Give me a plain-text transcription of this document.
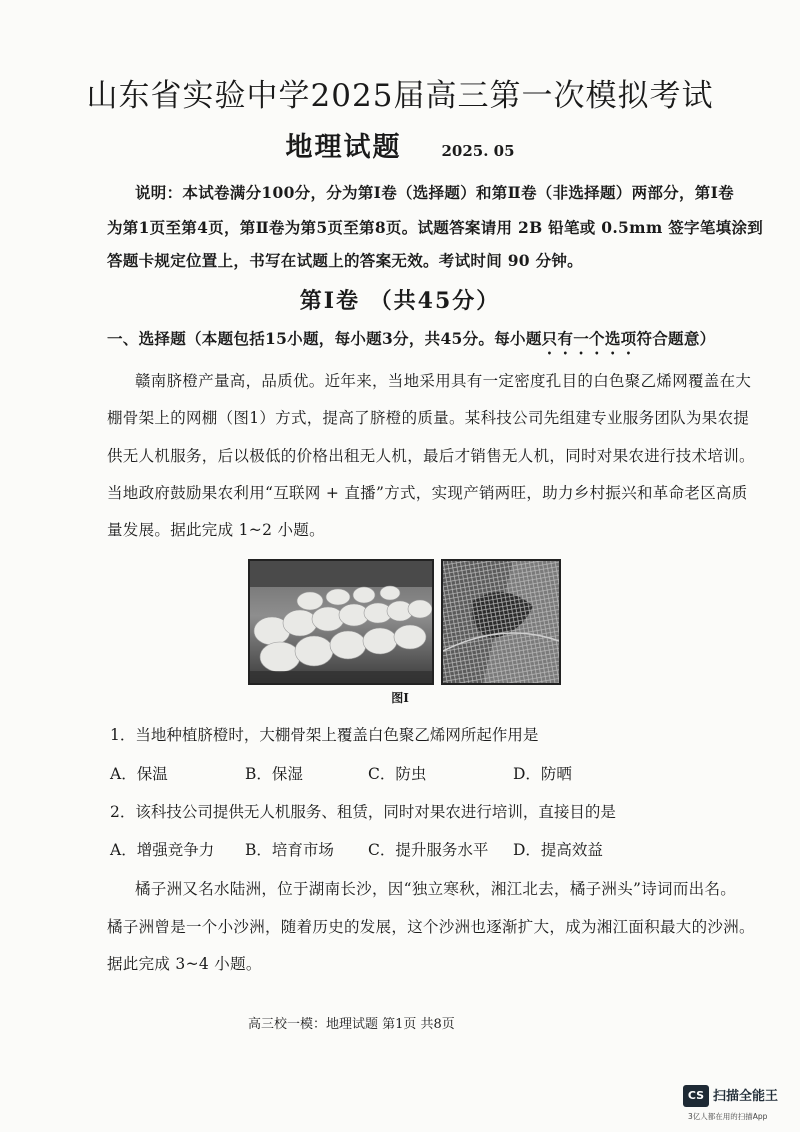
山东省实验中学2025届高三第一次模拟考试
地理试题	2025. 05
说明：本试卷满分100分，分为第Ⅰ卷（选择题）和第Ⅱ卷（非选择题）两部分，第Ⅰ卷
为第1页至第4页，第Ⅱ卷为第5页至第8页。试题答案请用 2B 铅笔或 0.5mm 签字笔填涂到
答题卡规定位置上，书写在试题上的答案无效。考试时间 90 分钟。
第Ⅰ卷 （共45分）
一、选择题（本题包括15小题，每小题3分，共45分。每小题只有一个选项符合题意）
赣南脐橙产量高，品质优。近年来，当地采用具有一定密度孔目的白色聚乙烯网覆盖在大
棚骨架上的网棚（图1）方式，提高了脐橙的质量。某科技公司先组建专业服务团队为果农提
供无人机服务，后以极低的价格出租无人机，最后才销售无人机，同时对果农进行技术培训。
当地政府鼓励果农利用“互联网 + 直播”方式，实现产销两旺，助力乡村振兴和革命老区高质
量发展。据此完成 1~2 小题。
图Ⅰ
1．当地种植脐橙时，大棚骨架上覆盖白色聚乙烯网所起作用是
A．保温	B．保湿	C．防虫	D．防晒
2．该科技公司提供无人机服务、租赁，同时对果农进行培训，直接目的是
A．增强竞争力 B．培育市场 C．提升服务水平 D．提高效益
橘子洲又名水陆洲，位于湖南长沙，因“独立寒秋，湘江北去，橘子洲头”诗词而出名。
橘子洲曾是一个小沙洲，随着历史的发展，这个沙洲也逐渐扩大，成为湘江面积最大的沙洲。
据此完成 3~4 小题。
高三校一模：地理试题 第1页 共8页
CS 扫描全能王
3亿人都在用的扫描App
